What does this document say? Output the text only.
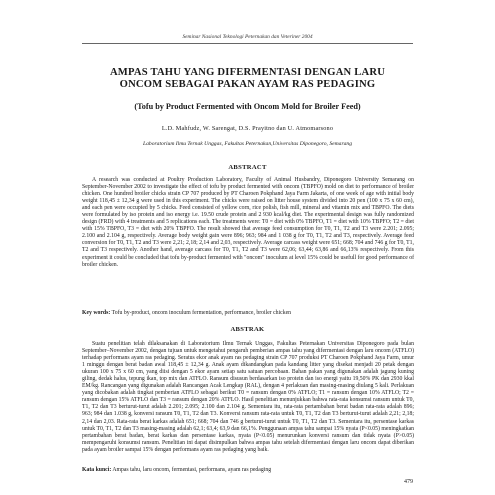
Seminar Nasional Teknologi Peternakan dan Veteriner 2004
AMPAS TAHU YANG DIFERMENTASI DENGAN LARU ONCOM SEBAGAI PAKAN AYAM RAS PEDAGING
(Tofu by Product Fermented with Oncom Mold for Broiler Feed)
L.D. Mahfudz, W. Sarengat, D.S. Prayitno dan U. Atmomarsono
Laboratorium Ilmu Ternak Unggas, Fakultas Peternakan,Universitas Diponegoro, Semarang
ABSTRACT
A research was conducted at Poultry Production Laboratory, Faculty of Animal Husbandry, Diponegoro University Semarang on September-November 2002 to investigate the effect of tofu by product fermented with oncom (TBPFO) mold on diet to performance of broiler chicken. One hundred broiler chicks strain CP 707 produced by PT Charoen Pokphand Jaya Farm Jakarta, of one week of age with initial body weight 118,45 ± 12,34 g were used in this experiment. The chicks were raised on litter house system divided into 20 pen (100 x 75 x 60 cm), and each pen were occupied by 5 chicks. Feed consisted of yellow corn, rice polish, fish mill, mineral and vitamin mix and TBPFO. The diets were formulated by iso protein and iso energy i.e. 19.50 crude protein and 2 930 kcal/kg diet. The experimental design was fully randomized design (FRD) with 4 treatments and 5 replications each. The treatments were: T0 = diet with 0% TBPFO, T1 = diet with 10% TBPFO; T2 = diet with 15% TBPFO, T3 = diet with 20% TBPFO. The result showed that average feed consumption for T0, T1, T2 and T3 were 2.201; 2.095; 2.100 and 2.104 g, respectively. Average body weight gain were 896; 963; 984 and 1 038 g for T0, T1, T2 and T3, respectively. Average feed conversion for T0, T1, T2 and T3 were 2,21; 2,18; 2,14 and 2,03, respectively. Average carcass weight were 651; 668; 704 and 746 g for T0, T1, T2 and T3 respectively. Another hand, average carcass for T0, T1, T2 and T3 were 62,06; 63,44; 63,86 and 66,13% respectively. From this experiment it could be concluded that tofu by-product fermented with "oncom" inoculum at level 15% could be usefull for good performance of broiler chicken.
Key words: Tofu by-product, oncom inoculum fermentation, performance, broiler chicken
ABSTRAK
Suatu penelitian telah dilaksanakan di Laboratorium Ilmu Ternak Unggas, Fakultas Peternakan Universitas Diponegoro pada bulan September–November 2002, dengan tujuan untuk mengetahui pengaruh pemberian ampas tahu yang difermentasi dengan laru oncom (ATFLO) terhadap performans ayam ras pedaging. Seratus ekor anak ayam ras pedaging strain CP 707 produksi PT Charoen Pokphand Jaya Farm, umur 1 minggu dengan berat badan awal 118,45 ± 12,34 g. Anak ayam dikandangkan pada kandang litter yang disekat menjadi 20 petak dengan ukuran 100 x 75 x 60 cm, yang diisi dengan 5 ekor ayam setiap satu satuan percobaan. Bahan pakan yang digunakan adalah jagung kuning giling, dedak halus, tepung ikan, top mix dan ATFLO. Ransum disusun berdasarkan iso protein dan iso energi yaitu 19,50% PK dan 2930 kkal EM/kg. Rancangan yang digunakan adalah Rancangan Acak Lengkap (RAL), dengan 4 perlakuan dan masing-masing diulang 5 kali. Perlakuan yang dicobakan adalah tingkat pemberian ATFLO sebagai berikut T0 = ransum dengan 0% ATFLO; T1 = ransum dengan 10% ATFLO; T2 = ransum dengan 15% ATFLO dan T3 = ransum dengan 20% ATFLO. Hasil penelitian menunjukkan bahwa rata-rata konsumsi ransum untuk T0, T1, T2 dan T3 berturut-turut adalah 2.201; 2.095; 2.100 dan 2.104 g. Sementara itu, rata-rata pertambahan berat badan rata-rata adalah 896; 963; 984 dan 1.038 g, konversi ransum T0, T1, T2 dan T3. Konversi ransum rata-rata untuk T0, T1, T2 dan T3 berturut-turut adalah 2,21; 2,18; 2,14 dan 2,03. Rata-rata berat karkas adalah 651; 668; 704 dan 746 g berturut-turut untuk T0, T1, T2 dan T3. Sementara itu, persentase karkas untuk T0, T1, T2 dan T3 masing-masing adalah 62,1; 63,4; 63,9 dan 66,1%. Penggunaan ampas tahu sampai 15% nyata (P<0.05) meningkatkan pertambahan berat badan, berat karkas dan persentase karkas, nyata (P<0.05) menurunkan konversi ransum dan tidak nyata (P>0.05) mempengaruhi konsumsi ransum. Penelitian ini dapat disimpulkan bahwa ampas tahu setelah difermentasi dengan laru oncom dapat diberikan pada ayam broiler sampai 15% dengan performans ayam ras pedaging yang baik.
Kata kunci: Ampas tahu, laru oncom, fermentasi, performans, ayam ras pedaging
479
